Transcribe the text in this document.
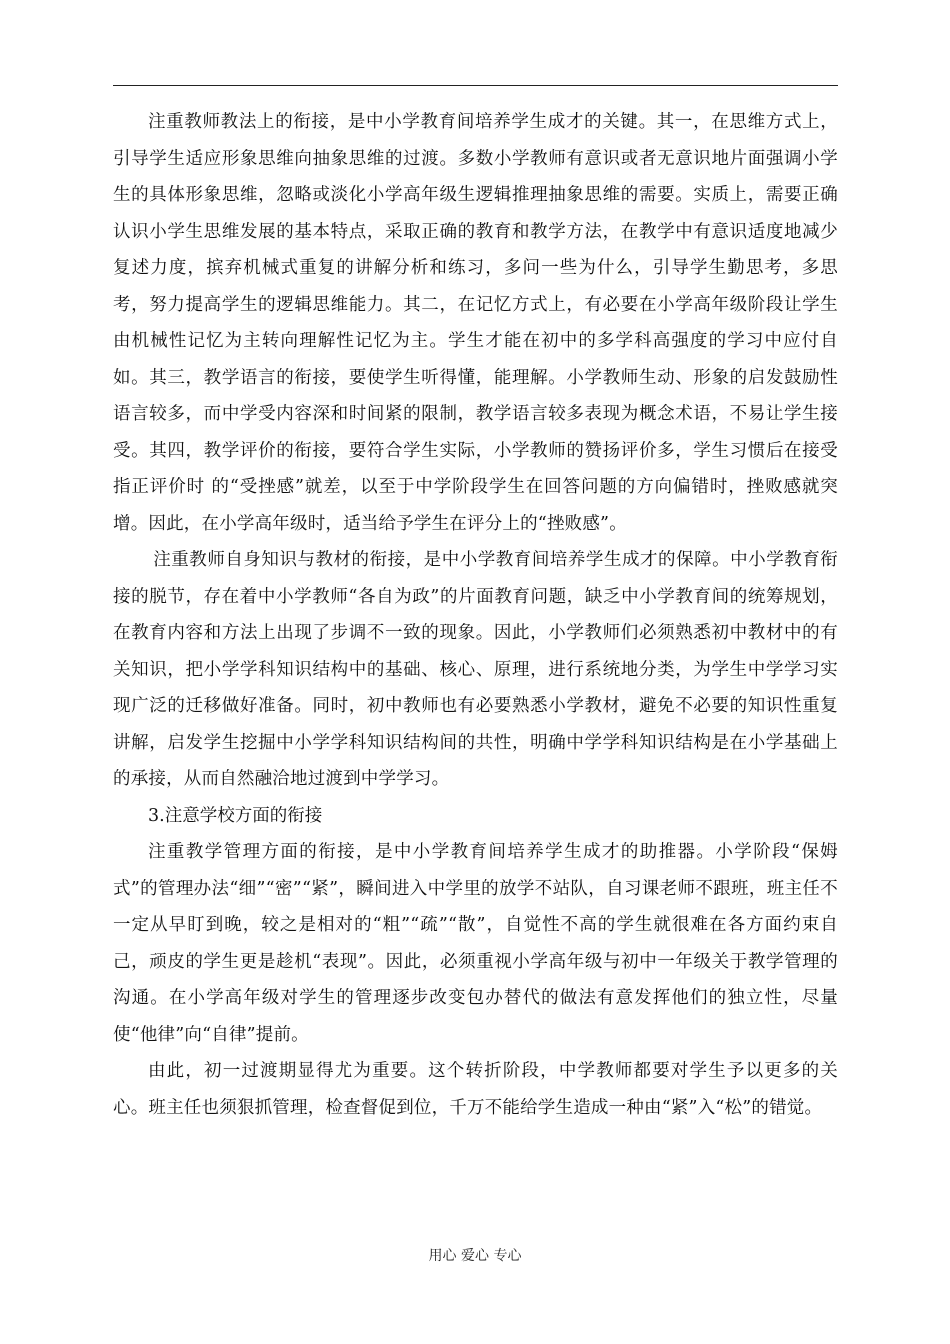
注重教师教法上的衔接，是中小学教育间培养学生成才的关键。其一，在思维方式上，引导学生适应形象思维向抽象思维的过渡。多数小学教师有意识或者无意识地片面强调小学生的具体形象思维，忽略或淡化小学高年级生逻辑推理抽象思维的需要。实质上，需要正确认识小学生思维发展的基本特点，采取正确的教育和教学方法，在教学中有意识适度地减少复述力度，摈弃机械式重复的讲解分析和练习，多问一些为什么，引导学生勤思考，多思考，努力提高学生的逻辑思维能力。其二，在记忆方式上，有必要在小学高年级阶段让学生由机械性记忆为主转向理解性记忆为主。学生才能在初中的多学科高强度的学习中应付自如。其三，教学语言的衔接，要使学生听得懂，能理解。小学教师生动、形象的启发鼓励性语言较多，而中学受内容深和时间紧的限制，教学语言较多表现为概念术语，不易让学生接受。其四，教学评价的衔接，要符合学生实际，小学教师的赞扬评价多，学生习惯后在接受指正评价时 的“受挫感”就差，以至于中学阶段学生在回答问题的方向偏错时，挫败感就突增。因此，在小学高年级时，适当给予学生在评分上的“挫败感”。

注重教师自身知识与教材的衔接，是中小学教育间培养学生成才的保障。中小学教育衔接的脱节，存在着中小学教师“各自为政”的片面教育问题，缺乏中小学教育间的统筹规划，在教育内容和方法上出现了步调不一致的现象。因此，小学教师们必须熟悉初中教材中的有关知识，把小学学科知识结构中的基础、核心、原理，进行系统地分类，为学生中学学习实现广泛的迁移做好准备。同时，初中教师也有必要熟悉小学教材，避免不必要的知识性重复讲解，启发学生挖掘中小学学科知识结构间的共性，明确中学学科知识结构是在小学基础上的承接，从而自然融洽地过渡到中学学习。

3.注意学校方面的衔接

注重教学管理方面的衔接，是中小学教育间培养学生成才的助推器。小学阶段“保姆式”的管理办法“细”“密”“紧”，瞬间进入中学里的放学不站队，自习课老师不跟班，班主任不一定从早盯到晚，较之是相对的“粗”“疏”“散”，自觉性不高的学生就很难在各方面约束自己，顽皮的学生更是趁机“表现”。因此，必须重视小学高年级与初中一年级关于教学管理的沟通。在小学高年级对学生的管理逐步改变包办替代的做法有意发挥他们的独立性，尽量使“他律”向“自律”提前。

由此，初一过渡期显得尤为重要。这个转折阶段，中学教师都要对学生予以更多的关心。班主任也须狠抓管理，检查督促到位，千万不能给学生造成一种由“紧”入“松”的错觉。

用心 爱心 专心
